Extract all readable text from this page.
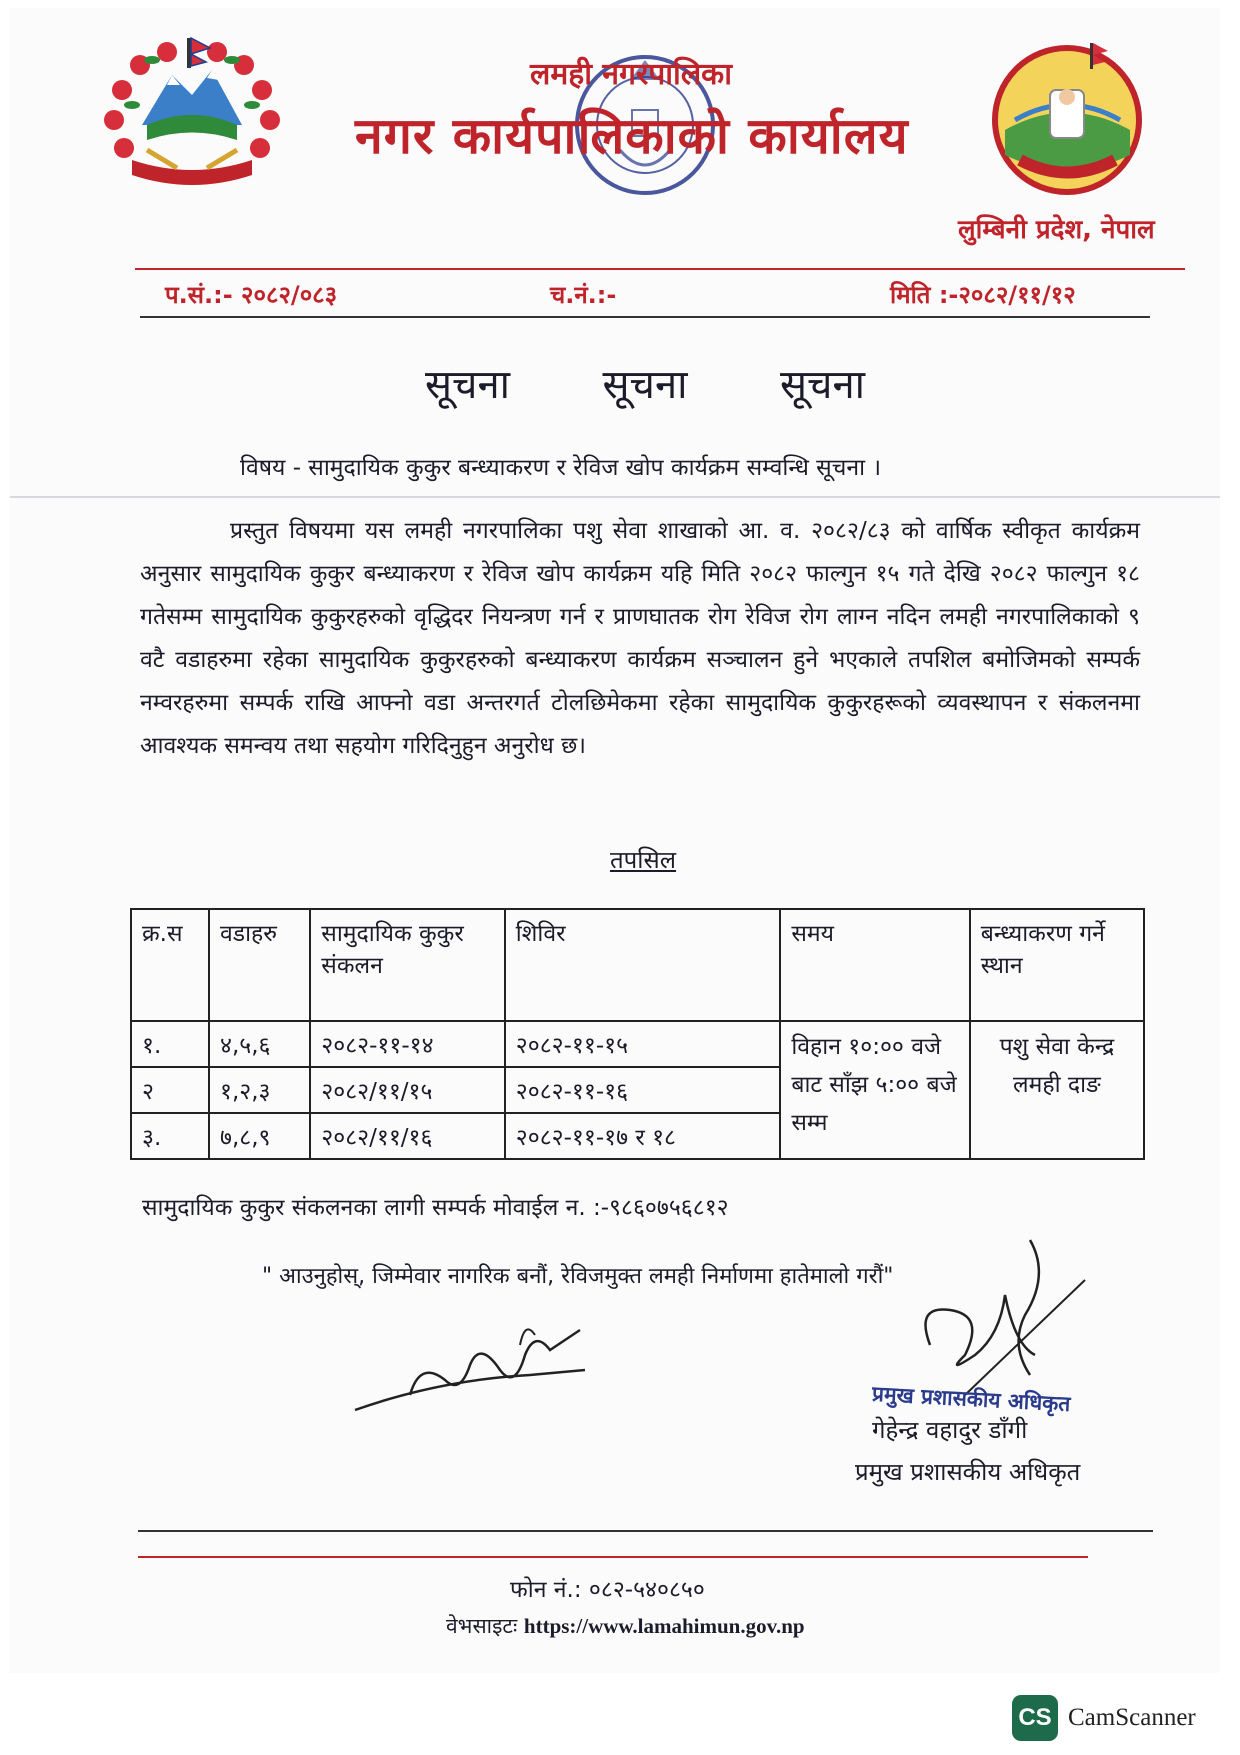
लमही नगरपालिका
नगर कार्यपालिकाको कार्यालय
लुम्बिनी प्रदेश, नेपाल
प.सं.:- २०८२/०८३	च.नं.:-	मिति :-२०८२/११/१२
सूचना सूचना सूचना
विषय - सामुदायिक कुकुर बन्ध्याकरण र रेविज खोप कार्यक्रम सम्वन्धि सूचना ।
प्रस्तुत विषयमा यस लमही नगरपालिका पशु सेवा शाखाको आ. व. २०८२/८३ को वार्षिक स्वीकृत कार्यक्रम अनुसार सामुदायिक कुकुर बन्ध्याकरण र रेविज खोप कार्यक्रम यहि मिति २०८२ फाल्गुन १५ गते देखि २०८२ फाल्गुन १८ गतेसम्म सामुदायिक कुकुरहरुको वृद्धिदर नियन्त्रण गर्न र प्राणघातक रोग रेविज रोग लाग्न नदिन लमही नगरपालिकाको ९ वटै वडाहरुमा रहेका सामुदायिक कुकुरहरुको बन्ध्याकरण कार्यक्रम सञ्चालन हुने भएकाले तपशिल बमोजिमको सम्पर्क नम्वरहरुमा सम्पर्क राखि आफ्नो वडा अन्तरगर्त टोलछिमेकमा रहेका सामुदायिक कुकुरहरूको व्यवस्थापन र संकलनमा आवश्यक समन्वय तथा सहयोग गरिदिनुहुन अनुरोध छ।
तपसिल
क्र.स	वडाहरु	सामुदायिक कुकुर संकलन	शिविर	समय	बन्ध्याकरण गर्ने स्थान
१.	४,५,६	२०८२-११-१४	२०८२-११-१५	विहान १०:०० वजे बाट साँझ ५:०० बजे सम्म	पशु सेवा केन्द्र लमही दाङ
२	१,२,३	२०८२/११/१५	२०८२-११-१६		
३.	७,८,९	२०८२/११/१६	२०८२-११-१७ र १८		
सामुदायिक कुकुर संकलनका लागी सम्पर्क मोवाईल न. :-९८६०७५६८१२
" आउनुहोस्, जिम्मेवार नागरिक बनौं, रेविजमुक्त लमही निर्माणमा हातेमालो गरौं"
प्रमुख प्रशासकीय अधिकृत
गेहेन्द्र वहादुर डाँगी
प्रमुख प्रशासकीय अधिकृत
फोन नं.: ०८२-५४०८५०
वेभसाइटः https://www.lamahimun.gov.np
CS CamScanner
